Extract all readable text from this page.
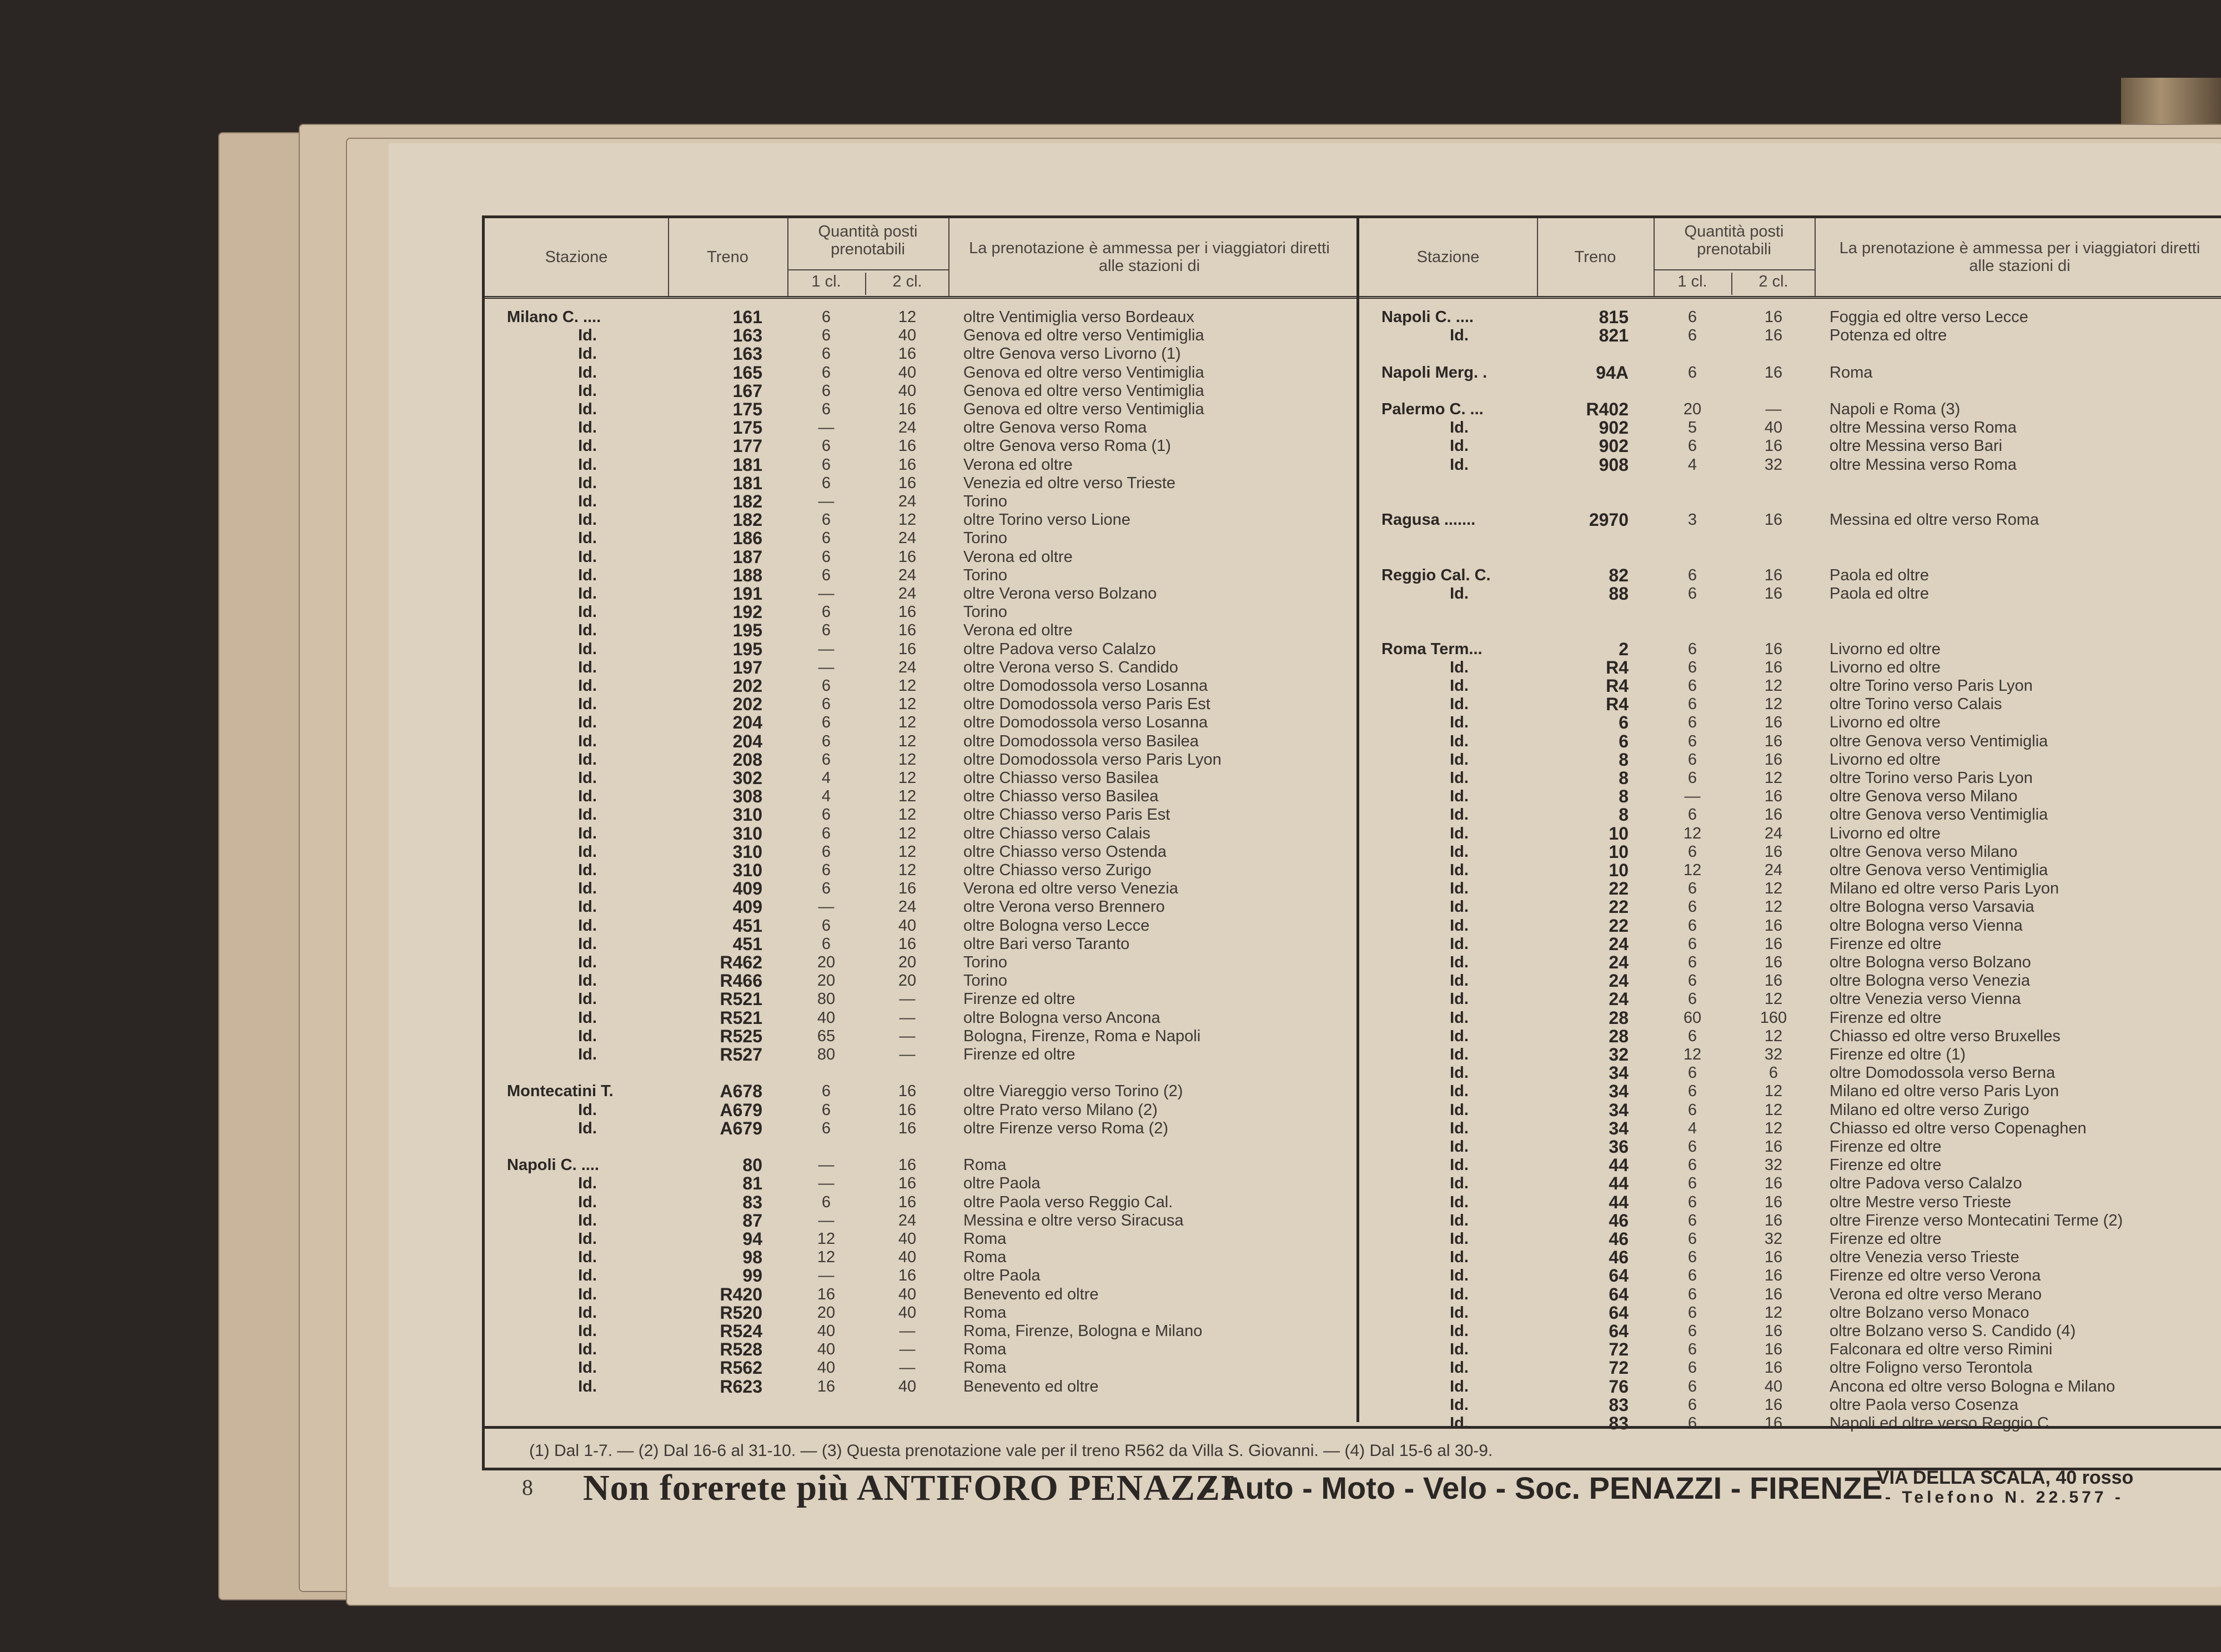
Stazione	Treno
Quantità posti prenotabili
1 cl.	2 cl.
La prenotazione è ammessa per i viaggiatori diretti alle stazioni di
Milano C. ....	161	6	12	oltre Ventimiglia verso Bordeaux
Id.	163	6	40	Genova ed oltre verso Ventimiglia
Id.	163	6	16	oltre Genova verso Livorno (1)
Id.	165	6	40	Genova ed oltre verso Ventimiglia
Id.	167	6	40	Genova ed oltre verso Ventimiglia
Id.	175	6	16	Genova ed oltre verso Ventimiglia
Id.	175	—	24	oltre Genova verso Roma
Id.	177	6	16	oltre Genova verso Roma (1)
Id.	181	6	16	Verona ed oltre
Id.	181	6	16	Venezia ed oltre verso Trieste
Id.	182	—	24	Torino
Id.	182	6	12	oltre Torino verso Lione
Id.	186	6	24	Torino
Id.	187	6	16	Verona ed oltre
Id.	188	6	24	Torino
Id.	191	—	24	oltre Verona verso Bolzano
Id.	192	6	16	Torino
Id.	195	6	16	Verona ed oltre
Id.	195	—	16	oltre Padova verso Calalzo
Id.	197	—	24	oltre Verona verso S. Candido
Id.	202	6	12	oltre Domodossola verso Losanna
Id.	202	6	12	oltre Domodossola verso Paris Est
Id.	204	6	12	oltre Domodossola verso Losanna
Id.	204	6	12	oltre Domodossola verso Basilea
Id.	208	6	12	oltre Domodossola verso Paris Lyon
Id.	302	4	12	oltre Chiasso verso Basilea
Id.	308	4	12	oltre Chiasso verso Basilea
Id.	310	6	12	oltre Chiasso verso Paris Est
Id.	310	6	12	oltre Chiasso verso Calais
Id.	310	6	12	oltre Chiasso verso Ostenda
Id.	310	6	12	oltre Chiasso verso Zurigo
Id.	409	6	16	Verona ed oltre verso Venezia
Id.	409	—	24	oltre Verona verso Brennero
Id.	451	6	40	oltre Bologna verso Lecce
Id.	451	6	16	oltre Bari verso Taranto
Id.	R462	20	20	Torino
Id.	R466	20	20	Torino
Id.	R521	80	—	Firenze ed oltre
Id.	R521	40	—	oltre Bologna verso Ancona
Id.	R525	65	—	Bologna, Firenze, Roma e Napoli
Id.	R527	80	—	Firenze ed oltre
Montecatini T.	A678	6	16	oltre Viareggio verso Torino (2)
Id.	A679	6	16	oltre Prato verso Milano (2)
Id.	A679	6	16	oltre Firenze verso Roma (2)
Napoli C. ....	80	—	16	Roma
Id.	81	—	16	oltre Paola
Id.	83	6	16	oltre Paola verso Reggio Cal.
Id.	87	—	24	Messina e oltre verso Siracusa
Id.	94	12	40	Roma
Id.	98	12	40	Roma
Id.	99	—	16	oltre Paola
Id.	R420	16	40	Benevento ed oltre
Id.	R520	20	40	Roma
Id.	R524	40	—	Roma, Firenze, Bologna e Milano
Id.	R528	40	—	Roma
Id.	R562	40	—	Roma
Id.	R623	16	40	Benevento ed oltre
Stazione	Treno
Quantità posti prenotabili
1 cl.	2 cl.
La prenotazione è ammessa per i viaggiatori diretti alle stazioni di
Napoli C. ....	815	6	16	Foggia ed oltre verso Lecce
Id.	821	6	16	Potenza ed oltre
Napoli Merg. .	94A	6	16	Roma
Palermo C. ...	R402	20	—	Napoli e Roma (3)
Id.	902	5	40	oltre Messina verso Roma
Id.	902	6	16	oltre Messina verso Bari
Id.	908	4	32	oltre Messina verso Roma
Ragusa .......	2970	3	16	Messina ed oltre verso Roma
Reggio Cal. C.	82	6	16	Paola ed oltre
Id.	88	6	16	Paola ed oltre
Roma Term...	2	6	16	Livorno ed oltre
Id.	R4	6	16	Livorno ed oltre
Id.	R4	6	12	oltre Torino verso Paris Lyon
Id.	R4	6	12	oltre Torino verso Calais
Id.	6	6	16	Livorno ed oltre
Id.	6	6	16	oltre Genova verso Ventimiglia
Id.	8	6	16	Livorno ed oltre
Id.	8	6	12	oltre Torino verso Paris Lyon
Id.	8	—	16	oltre Genova verso Milano
Id.	8	6	16	oltre Genova verso Ventimiglia
Id.	10	12	24	Livorno ed oltre
Id.	10	6	16	oltre Genova verso Milano
Id.	10	12	24	oltre Genova verso Ventimiglia
Id.	22	6	12	Milano ed oltre verso Paris Lyon
Id.	22	6	12	oltre Bologna verso Varsavia
Id.	22	6	16	oltre Bologna verso Vienna
Id.	24	6	16	Firenze ed oltre
Id.	24	6	16	oltre Bologna verso Bolzano
Id.	24	6	16	oltre Bologna verso Venezia
Id.	24	6	12	oltre Venezia verso Vienna
Id.	28	60	160	Firenze ed oltre
Id.	28	6	12	Chiasso ed oltre verso Bruxelles
Id.	32	12	32	Firenze ed oltre (1)
Id.	34	6	6	oltre Domodossola verso Berna
Id.	34	6	12	Milano ed oltre verso Paris Lyon
Id.	34	6	12	Milano ed oltre verso Zurigo
Id.	34	4	12	Chiasso ed oltre verso Copenaghen
Id.	36	6	16	Firenze ed oltre
Id.	44	6	32	Firenze ed oltre
Id.	44	6	16	oltre Padova verso Calalzo
Id.	44	6	16	oltre Mestre verso Trieste
Id.	46	6	16	oltre Firenze verso Montecatini Terme (2)
Id.	46	6	32	Firenze ed oltre
Id.	46	6	16	oltre Venezia verso Trieste
Id.	64	6	16	Firenze ed oltre verso Verona
Id.	64	6	16	Verona ed oltre verso Merano
Id.	64	6	12	oltre Bolzano verso Monaco
Id.	64	6	16	oltre Bolzano verso S. Candido (4)
Id.	72	6	16	Falconara ed oltre verso Rimini
Id.	72	6	16	oltre Foligno verso Terontola
Id.	76	6	40	Ancona ed oltre verso Bologna e Milano
Id.	83	6	16	oltre Paola verso Cosenza
Id.	83	6	16	Napoli ed oltre verso Reggio C.
(1) Dal 1-7. — (2) Dal 16-6 al 31-10. — (3) Questa prenotazione vale per il treno R562 da Villa S. Giovanni. — (4) Dal 15-6 al 30-9.
8 Non forerete più ANTIFORO PENAZZI
- Auto - Moto - Velo - Soc. PENAZZI - FIRENZE
VIA DELLA SCALA, 40 rosso
- Telefono N. 22.577 -
